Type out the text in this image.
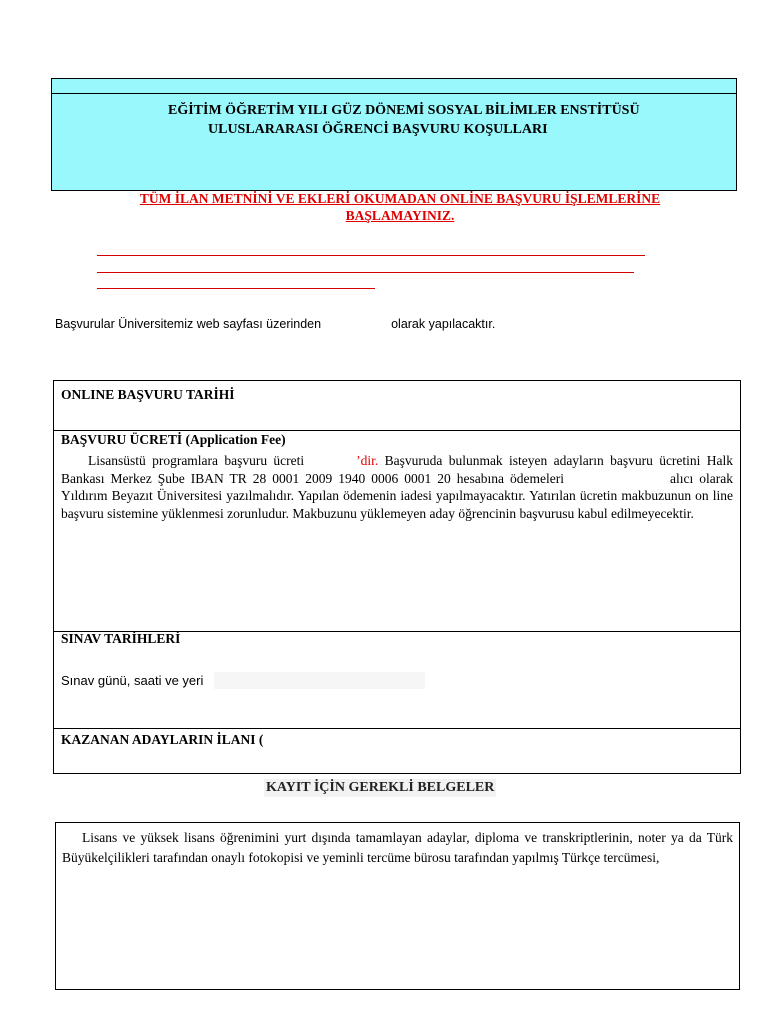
EĞİTİM ÖĞRETİM YILI GÜZ DÖNEMİ SOSYAL BİLİMLER ENSTİTÜSÜ
ULUSLARARASI ÖĞRENCİ BAŞVURU KOŞULLARI
TÜM İLAN METNİNİ VE EKLERİ OKUMADAN ONLİNE BAŞVURU İŞLEMLERİNE
BAŞLAMAYINIZ.
Başvurular Üniversitemiz web sayfası üzerinden	olarak yapılacaktır.
ONLINE BAŞVURU TARİHİ
BAŞVURU ÜCRETİ (Application Fee)
Lisansüstü programlara başvuru ücreti	’dir. Başvuruda bulunmak isteyen adayların başvuru ücretini Halk Bankası Merkez Şube IBAN TR 28 0001 2009 1940 0006 0001 20 hesabına ödemeleri	alıcı olarak Yıldırım Beyazıt Üniversitesi yazılmalıdır. Yapılan ödemenin iadesi yapılmayacaktır. Yatırılan ücretin makbuzunun on line başvuru sistemine yüklenmesi zorunludur. Makbuzunu yüklemeyen aday öğrencinin başvurusu kabul edilmeyecektir.
SINAV TARİHLERİ
Sınav günü, saati ve yeri
KAZANAN ADAYLARIN İLANI (
KAYIT İÇİN GEREKLİ BELGELER
Lisans ve yüksek lisans öğrenimini yurt dışında tamamlayan adaylar, diploma ve transkriptlerinin, noter ya da Türk Büyükelçilikleri tarafından onaylı fotokopisi ve yeminli tercüme bürosu tarafından yapılmış Türkçe tercümesi,
